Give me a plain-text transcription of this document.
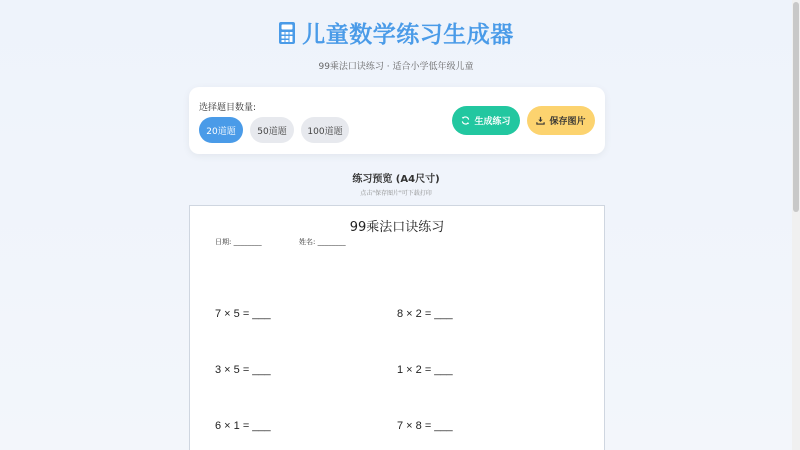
儿童数学练习生成器
99乘法口诀练习 · 适合小学低年级儿童
选择题目数量:
20道题	50道题	100道题
生成练习	保存图片
练习预览 (A4尺寸)
点击"保存图片"可下载打印
99乘法口诀练习
日期: ________	姓名: ________
7 × 5 = ___	8 × 2 = ___
3 × 5 = ___	1 × 2 = ___
6 × 1 = ___	7 × 8 = ___
